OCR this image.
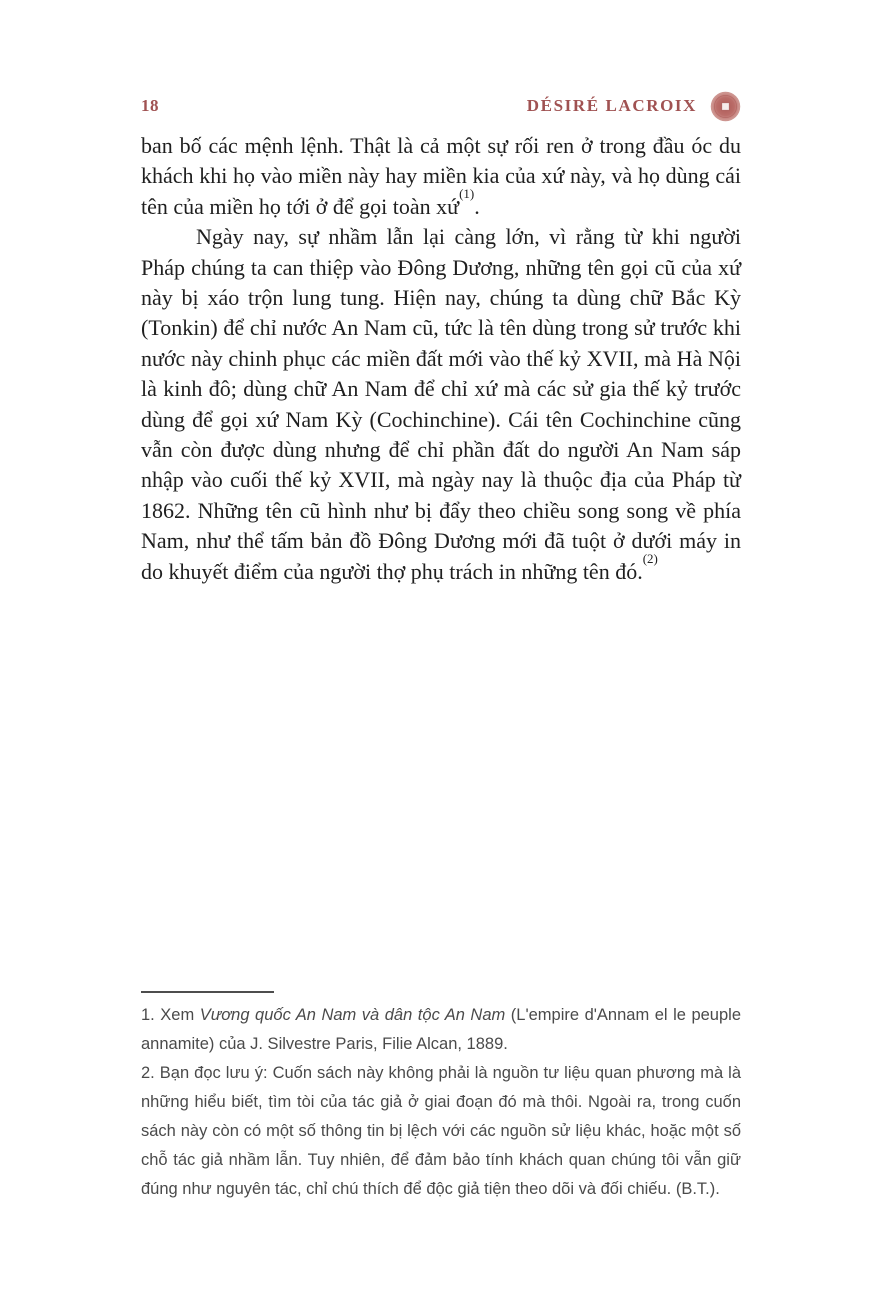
18	DÉSIRÉ LACROIX

ban bố các mệnh lệnh. Thật là cả một sự rối ren ở trong đầu óc du khách khi họ vào miền này hay miền kia của xứ này, và họ dùng cái tên của miền họ tới ở để gọi toàn xứ$^{(1)}$.

Ngày nay, sự nhầm lẫn lại càng lớn, vì rằng từ khi người Pháp chúng ta can thiệp vào Đông Dương, những tên gọi cũ của xứ này bị xáo trộn lung tung. Hiện nay, chúng ta dùng chữ Bắc Kỳ (Tonkin) để chỉ nước An Nam cũ, tức là tên dùng trong sử trước khi nước này chinh phục các miền đất mới vào thế kỷ XVII, mà Hà Nội là kinh đô; dùng chữ An Nam để chỉ xứ mà các sử gia thế kỷ trước dùng để gọi xứ Nam Kỳ (Cochinchine). Cái tên Cochinchine cũng vẫn còn được dùng nhưng để chỉ phần đất do người An Nam sáp nhập vào cuối thế kỷ XVII, mà ngày nay là thuộc địa của Pháp từ 1862. Những tên cũ hình như bị đẩy theo chiều song song về phía Nam, như thể tấm bản đồ Đông Dương mới đã tuột ở dưới máy in do khuyết điểm của người thợ phụ trách in những tên đó.$^{(2)}$

1. Xem Vương quốc An Nam và dân tộc An Nam (L'empire d'Annam el le peuple annamite) của J. Silvestre Paris, Filie Alcan, 1889.

2. Bạn đọc lưu ý: Cuốn sách này không phải là nguồn tư liệu quan phương mà là những hiểu biết, tìm tòi của tác giả ở giai đoạn đó mà thôi. Ngoài ra, trong cuốn sách này còn có một số thông tin bị lệch với các nguồn sử liệu khác, hoặc một số chỗ tác giả nhầm lẫn. Tuy nhiên, để đảm bảo tính khách quan chúng tôi vẫn giữ đúng như nguyên tác, chỉ chú thích để độc giả tiện theo dõi và đối chiếu. (B.T.).
